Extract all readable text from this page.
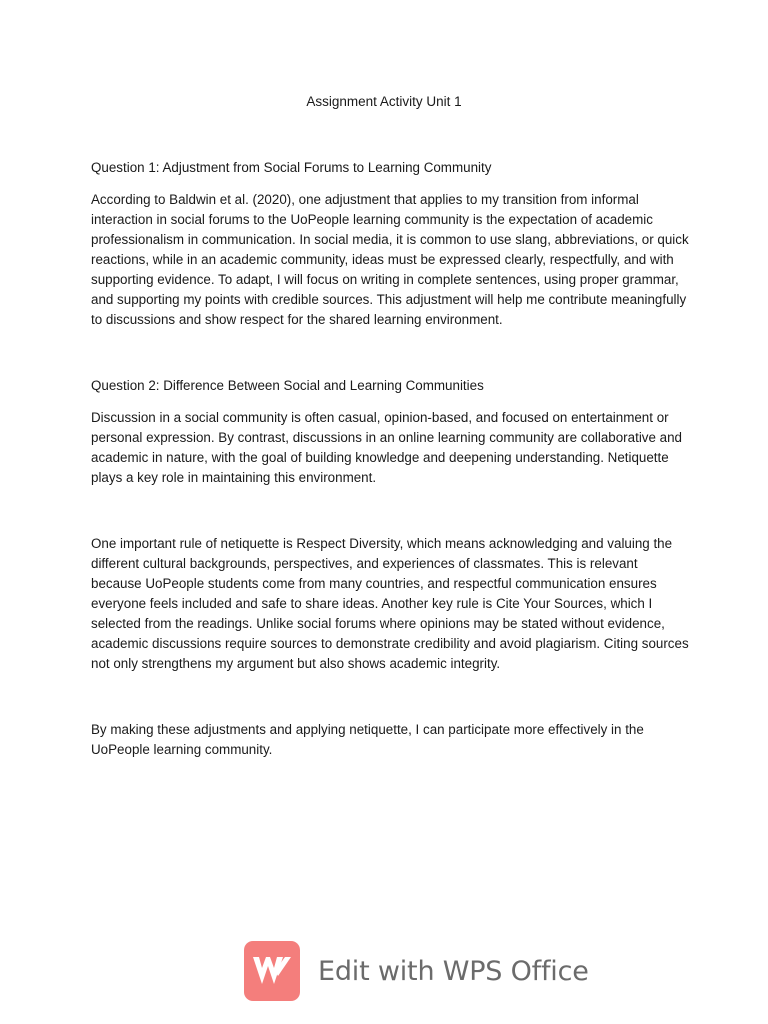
Assignment Activity Unit 1

Question 1: Adjustment from Social Forums to Learning Community

According to Baldwin et al. (2020), one adjustment that applies to my transition from informal interaction in social forums to the UoPeople learning community is the expectation of academic professionalism in communication. In social media, it is common to use slang, abbreviations, or quick reactions, while in an academic community, ideas must be expressed clearly, respectfully, and with supporting evidence. To adapt, I will focus on writing in complete sentences, using proper grammar, and supporting my points with credible sources. This adjustment will help me contribute meaningfully to discussions and show respect for the shared learning environment.

Question 2: Difference Between Social and Learning Communities

Discussion in a social community is often casual, opinion-based, and focused on entertainment or personal expression. By contrast, discussions in an online learning community are collaborative and academic in nature, with the goal of building knowledge and deepening understanding. Netiquette plays a key role in maintaining this environment.

One important rule of netiquette is Respect Diversity, which means acknowledging and valuing the different cultural backgrounds, perspectives, and experiences of classmates. This is relevant because UoPeople students come from many countries, and respectful communication ensures everyone feels included and safe to share ideas. Another key rule is Cite Your Sources, which I selected from the readings. Unlike social forums where opinions may be stated without evidence, academic discussions require sources to demonstrate credibility and avoid plagiarism. Citing sources not only strengthens my argument but also shows academic integrity.

By making these adjustments and applying netiquette, I can participate more effectively in the UoPeople learning community.

Edit with WPS Office
